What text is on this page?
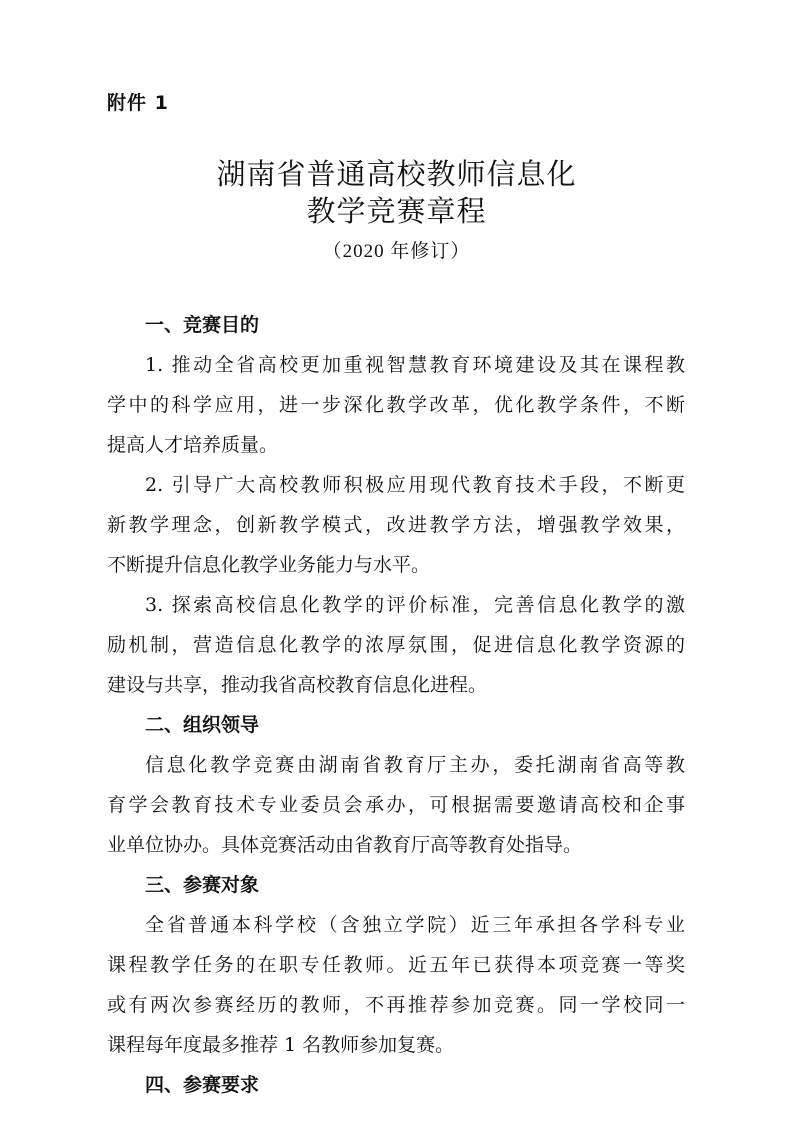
附件 1
湖南省普通高校教师信息化
教学竞赛章程
（2020 年修订）
一、竞赛目的
1. 推动全省高校更加重视智慧教育环境建设及其在课程教
学中的科学应用，进一步深化教学改革，优化教学条件，不断
提高人才培养质量。
2. 引导广大高校教师积极应用现代教育技术手段，不断更
新教学理念，创新教学模式，改进教学方法，增强教学效果，
不断提升信息化教学业务能力与水平。
3. 探索高校信息化教学的评价标准，完善信息化教学的激
励机制，营造信息化教学的浓厚氛围，促进信息化教学资源的
建设与共享，推动我省高校教育信息化进程。
二、组织领导
信息化教学竞赛由湖南省教育厅主办，委托湖南省高等教
育学会教育技术专业委员会承办，可根据需要邀请高校和企事
业单位协办。具体竞赛活动由省教育厅高等教育处指导。
三、参赛对象
全省普通本科学校（含独立学院）近三年承担各学科专业
课程教学任务的在职专任教师。近五年已获得本项竞赛一等奖
或有两次参赛经历的教师，不再推荐参加竞赛。同一学校同一
课程每年度最多推荐 1 名教师参加复赛。
四、参赛要求
